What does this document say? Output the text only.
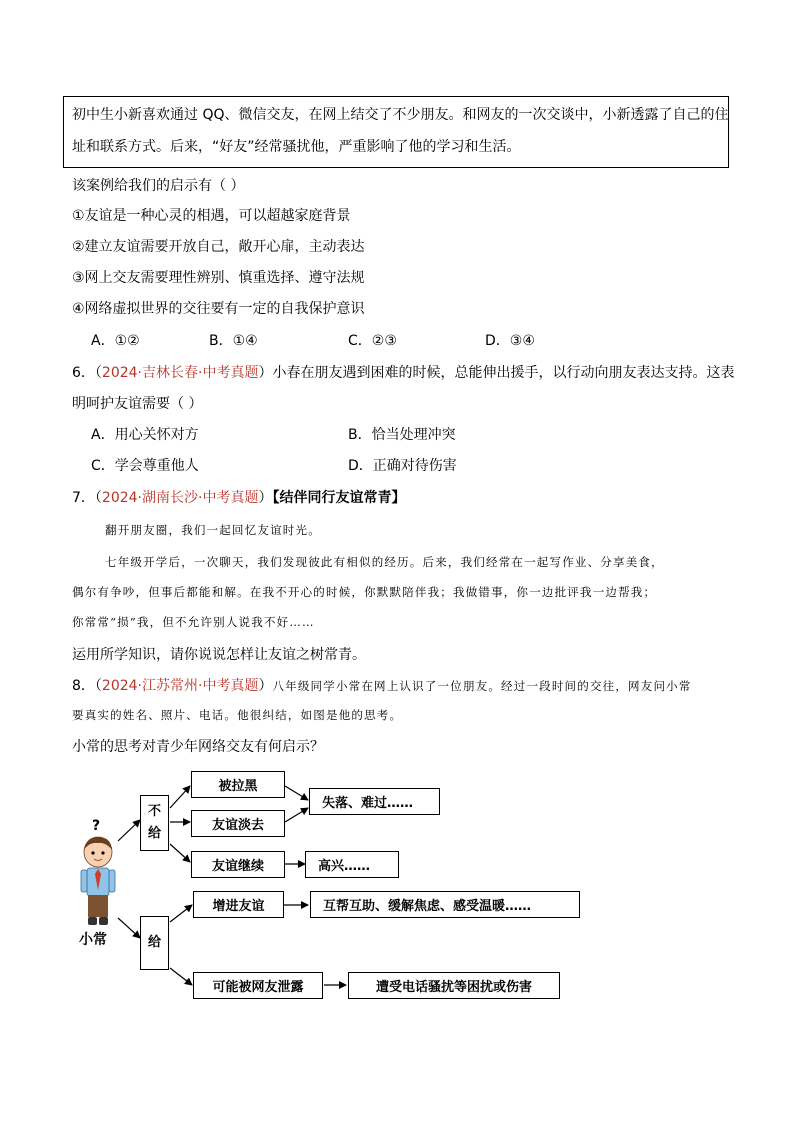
初中生小新喜欢通过 QQ、微信交友，在网上结交了不少朋友。和网友的一次交谈中，小新透露了自己的住
址和联系方式。后来，“好友”经常骚扰他，严重影响了他的学习和生活。
该案例给我们的启示有（ ）
①友谊是一种心灵的相遇，可以超越家庭背景
②建立友谊需要开放自己，敞开心扉，主动表达
③网上交友需要理性辨别、慎重选择、遵守法规
④网络虚拟世界的交往要有一定的自我保护意识
A．①②	B．①④	C．②③	D．③④
6．（2024·吉林长春·中考真题）小春在朋友遇到困难的时候，总能伸出援手，以行动向朋友表达支持。这表
明呵护友谊需要（ ）
A．用心关怀对方	B．恰当处理冲突
C．学会尊重他人	D．正确对待伤害
7．（2024·湖南长沙·中考真题）【结伴同行友谊常青】
翻开朋友圈，我们一起回忆友谊时光。
七年级开学后，一次聊天，我们发现彼此有相似的经历。后来，我们经常在一起写作业、分享美食，
偶尔有争吵，但事后都能和解。在我不开心的时候，你默默陪伴我；我做错事，你一边批评我一边帮我；
你常常“损”我，但不允许别人说我不好……
运用所学知识，请你说说怎样让友谊之树常青。
8．（2024·江苏常州·中考真题）八年级同学小常在网上认识了一位朋友。经过一段时间的交往，网友问小常
要真实的姓名、照片、电话。他很纠结，如图是他的思考。
小常的思考对青少年网络交友有何启示？
?
小常
不
给
给
被拉黑
友谊淡去
友谊继续
失落、难过……
高兴……
增进友谊	互帮互助、缓解焦虑、感受温暖……
可能被网友泄露	遭受电话骚扰等困扰或伤害
